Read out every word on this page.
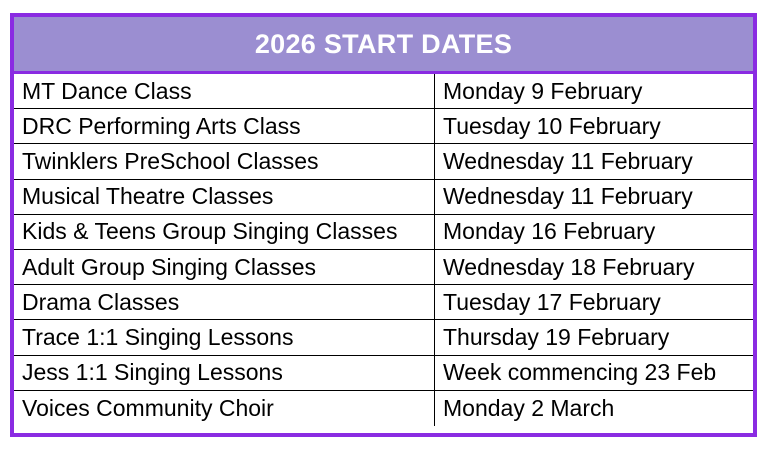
2026 START DATES
MT Dance Class	Monday 9 February
DRC Performing Arts Class	Tuesday 10 February
Twinklers PreSchool Classes	Wednesday 11 February
Musical Theatre Classes	Wednesday 11 February
Kids & Teens Group Singing Classes	Monday 16 February
Adult Group Singing Classes	Wednesday 18 February
Drama Classes	Tuesday 17 February
Trace 1:1 Singing Lessons	Thursday 19 February
Jess 1:1 Singing Lessons	Week commencing 23 Feb
Voices Community Choir	Monday 2 March
